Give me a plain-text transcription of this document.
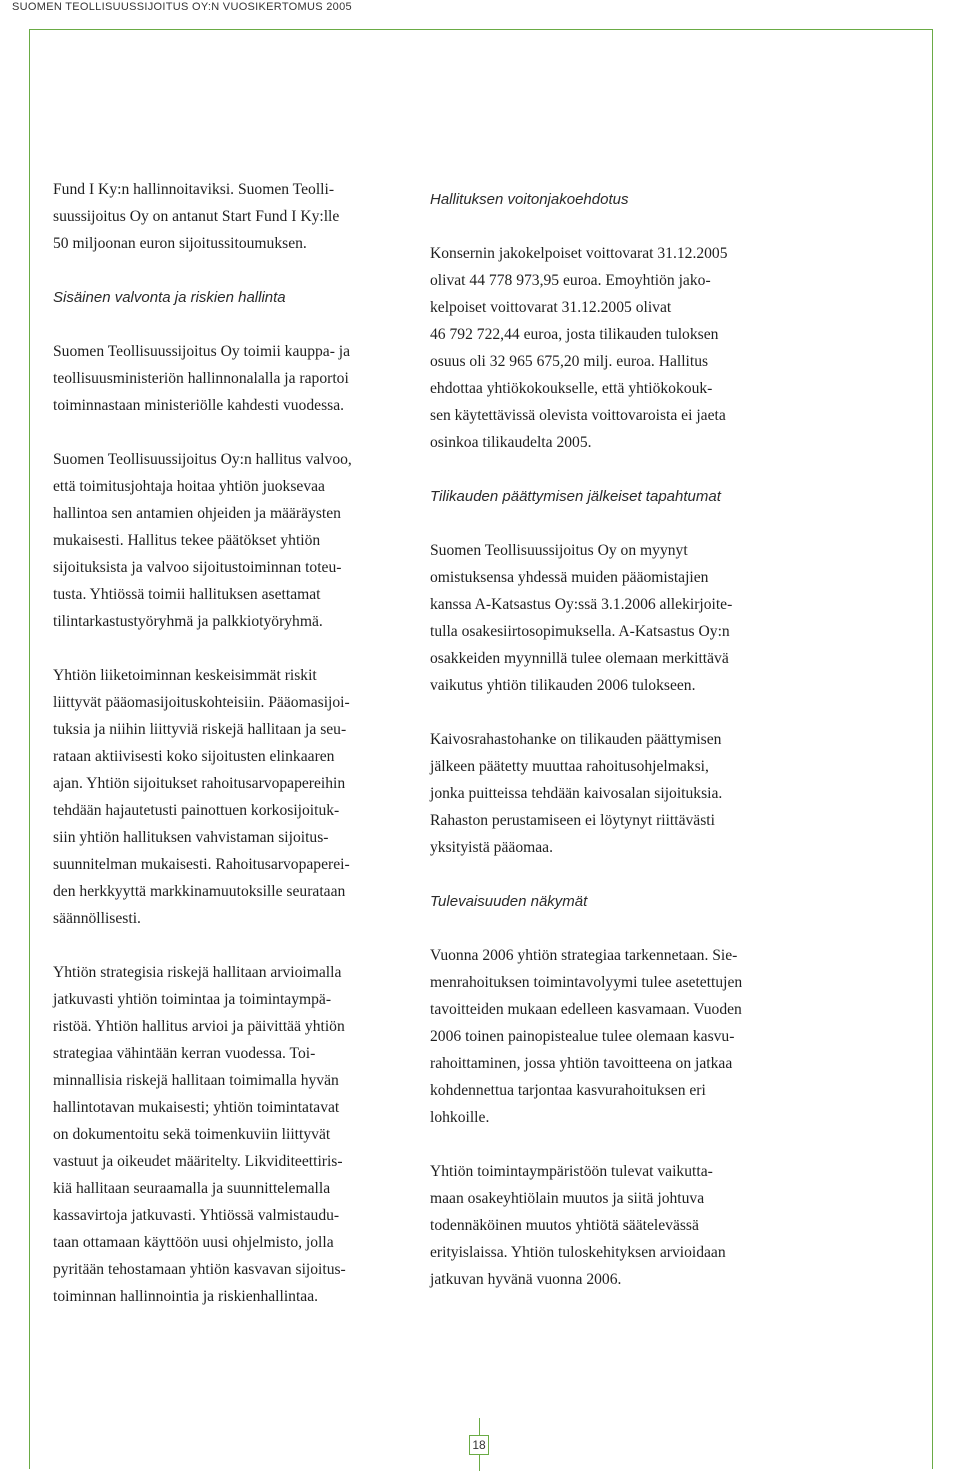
SUOMEN TEOLLISUUSSIJOITUS OY:N VUOSIKERTOMUS 2005

Fund I Ky:n hallinnoitaviksi. Suomen Teolli-
suussijoitus Oy on antanut Start Fund I Ky:lle
50 miljoonan euron sijoitussitoumuksen.

Sisäinen valvonta ja riskien hallinta

Suomen Teollisuussijoitus Oy toimii kauppa- ja
teollisuusministeriön hallinnonalalla ja raportoi
toiminnastaan ministeriölle kahdesti vuodessa.

Suomen Teollisuussijoitus Oy:n hallitus valvoo,
että toimitusjohtaja hoitaa yhtiön juoksevaa
hallintoa sen antamien ohjeiden ja määräysten
mukaisesti. Hallitus tekee päätökset yhtiön
sijoituksista ja valvoo sijoitustoiminnan toteu-
tusta. Yhtiössä toimii hallituksen asettamat
tilintarkastustyöryhmä ja palkkiotyöryhmä.

Yhtiön liiketoiminnan keskeisimmät riskit
liittyvät pääomasijoituskohteisiin. Pääomasijoi-
tuksia ja niihin liittyviä riskejä hallitaan ja seu-
rataan aktiivisesti koko sijoitusten elinkaaren
ajan. Yhtiön sijoitukset rahoitusarvopapereihin
tehdään hajautetusti painottuen korkosijoituk-
siin yhtiön hallituksen vahvistaman sijoitus-
suunnitelman mukaisesti. Rahoitusarvopaperei-
den herkkyyttä markkinamuutoksille seurataan
säännöllisesti.

Yhtiön strategisia riskejä hallitaan arvioimalla
jatkuvasti yhtiön toimintaa ja toimintaympä-
ristöä. Yhtiön hallitus arvioi ja päivittää yhtiön
strategiaa vähintään kerran vuodessa. Toi-
minnallisia riskejä hallitaan toimimalla hyvän
hallintotavan mukaisesti; yhtiön toimintatavat
on dokumentoitu sekä toimenkuviin liittyvät
vastuut ja oikeudet määritelty. Likviditeettiris-
kiä hallitaan seuraamalla ja suunnittelemalla
kassavirtoja jatkuvasti. Yhtiössä valmistaudu-
taan ottamaan käyttöön uusi ohjelmisto, jolla
pyritään tehostamaan yhtiön kasvavan sijoitus-
toiminnan hallinnointia ja riskienhallintaa.

Hallituksen voitonjakoehdotus

Konsernin jakokelpoiset voittovarat 31.12.2005
olivat 44 778 973,95 euroa. Emoyhtiön jako-
kelpoiset voittovarat 31.12.2005 olivat
46 792 722,44 euroa, josta tilikauden tuloksen
osuus oli 32 965 675,20 milj. euroa. Hallitus
ehdottaa yhtiökokoukselle, että yhtiökokouk-
sen käytettävissä olevista voittovaroista ei jaeta
osinkoa tilikaudelta 2005.

Tilikauden päättymisen jälkeiset tapahtumat

Suomen Teollisuussijoitus Oy on myynyt
omistuksensa yhdessä muiden pääomistajien
kanssa A-Katsastus Oy:ssä 3.1.2006 allekirjoite-
tulla osakesiirtosopimuksella. A-Katsastus Oy:n
osakkeiden myynnillä tulee olemaan merkittävä
vaikutus yhtiön tilikauden 2006 tulokseen.

Kaivosrahastohanke on tilikauden päättymisen
jälkeen päätetty muuttaa rahoitusohjelmaksi,
jonka puitteissa tehdään kaivosalan sijoituksia.
Rahaston perustamiseen ei löytynyt riittävästi
yksityistä pääomaa.

Tulevaisuuden näkymät

Vuonna 2006 yhtiön strategiaa tarkennetaan. Sie-
menrahoituksen toimintavolyymi tulee asetettujen
tavoitteiden mukaan edelleen kasvamaan. Vuoden
2006 toinen painopistealue tulee olemaan kasvu-
rahoittaminen, jossa yhtiön tavoitteena on jatkaa
kohdennettua tarjontaa kasvurahoituksen eri
lohkoille.

Yhtiön toimintaympäristöön tulevat vaikutta-
maan osakeyhtiölain muutos ja siitä johtuva
todennäköinen muutos yhtiötä säätelevässä
erityislaissa. Yhtiön tuloskehityksen arvioidaan
jatkuvan hyvänä vuonna 2006.

18
